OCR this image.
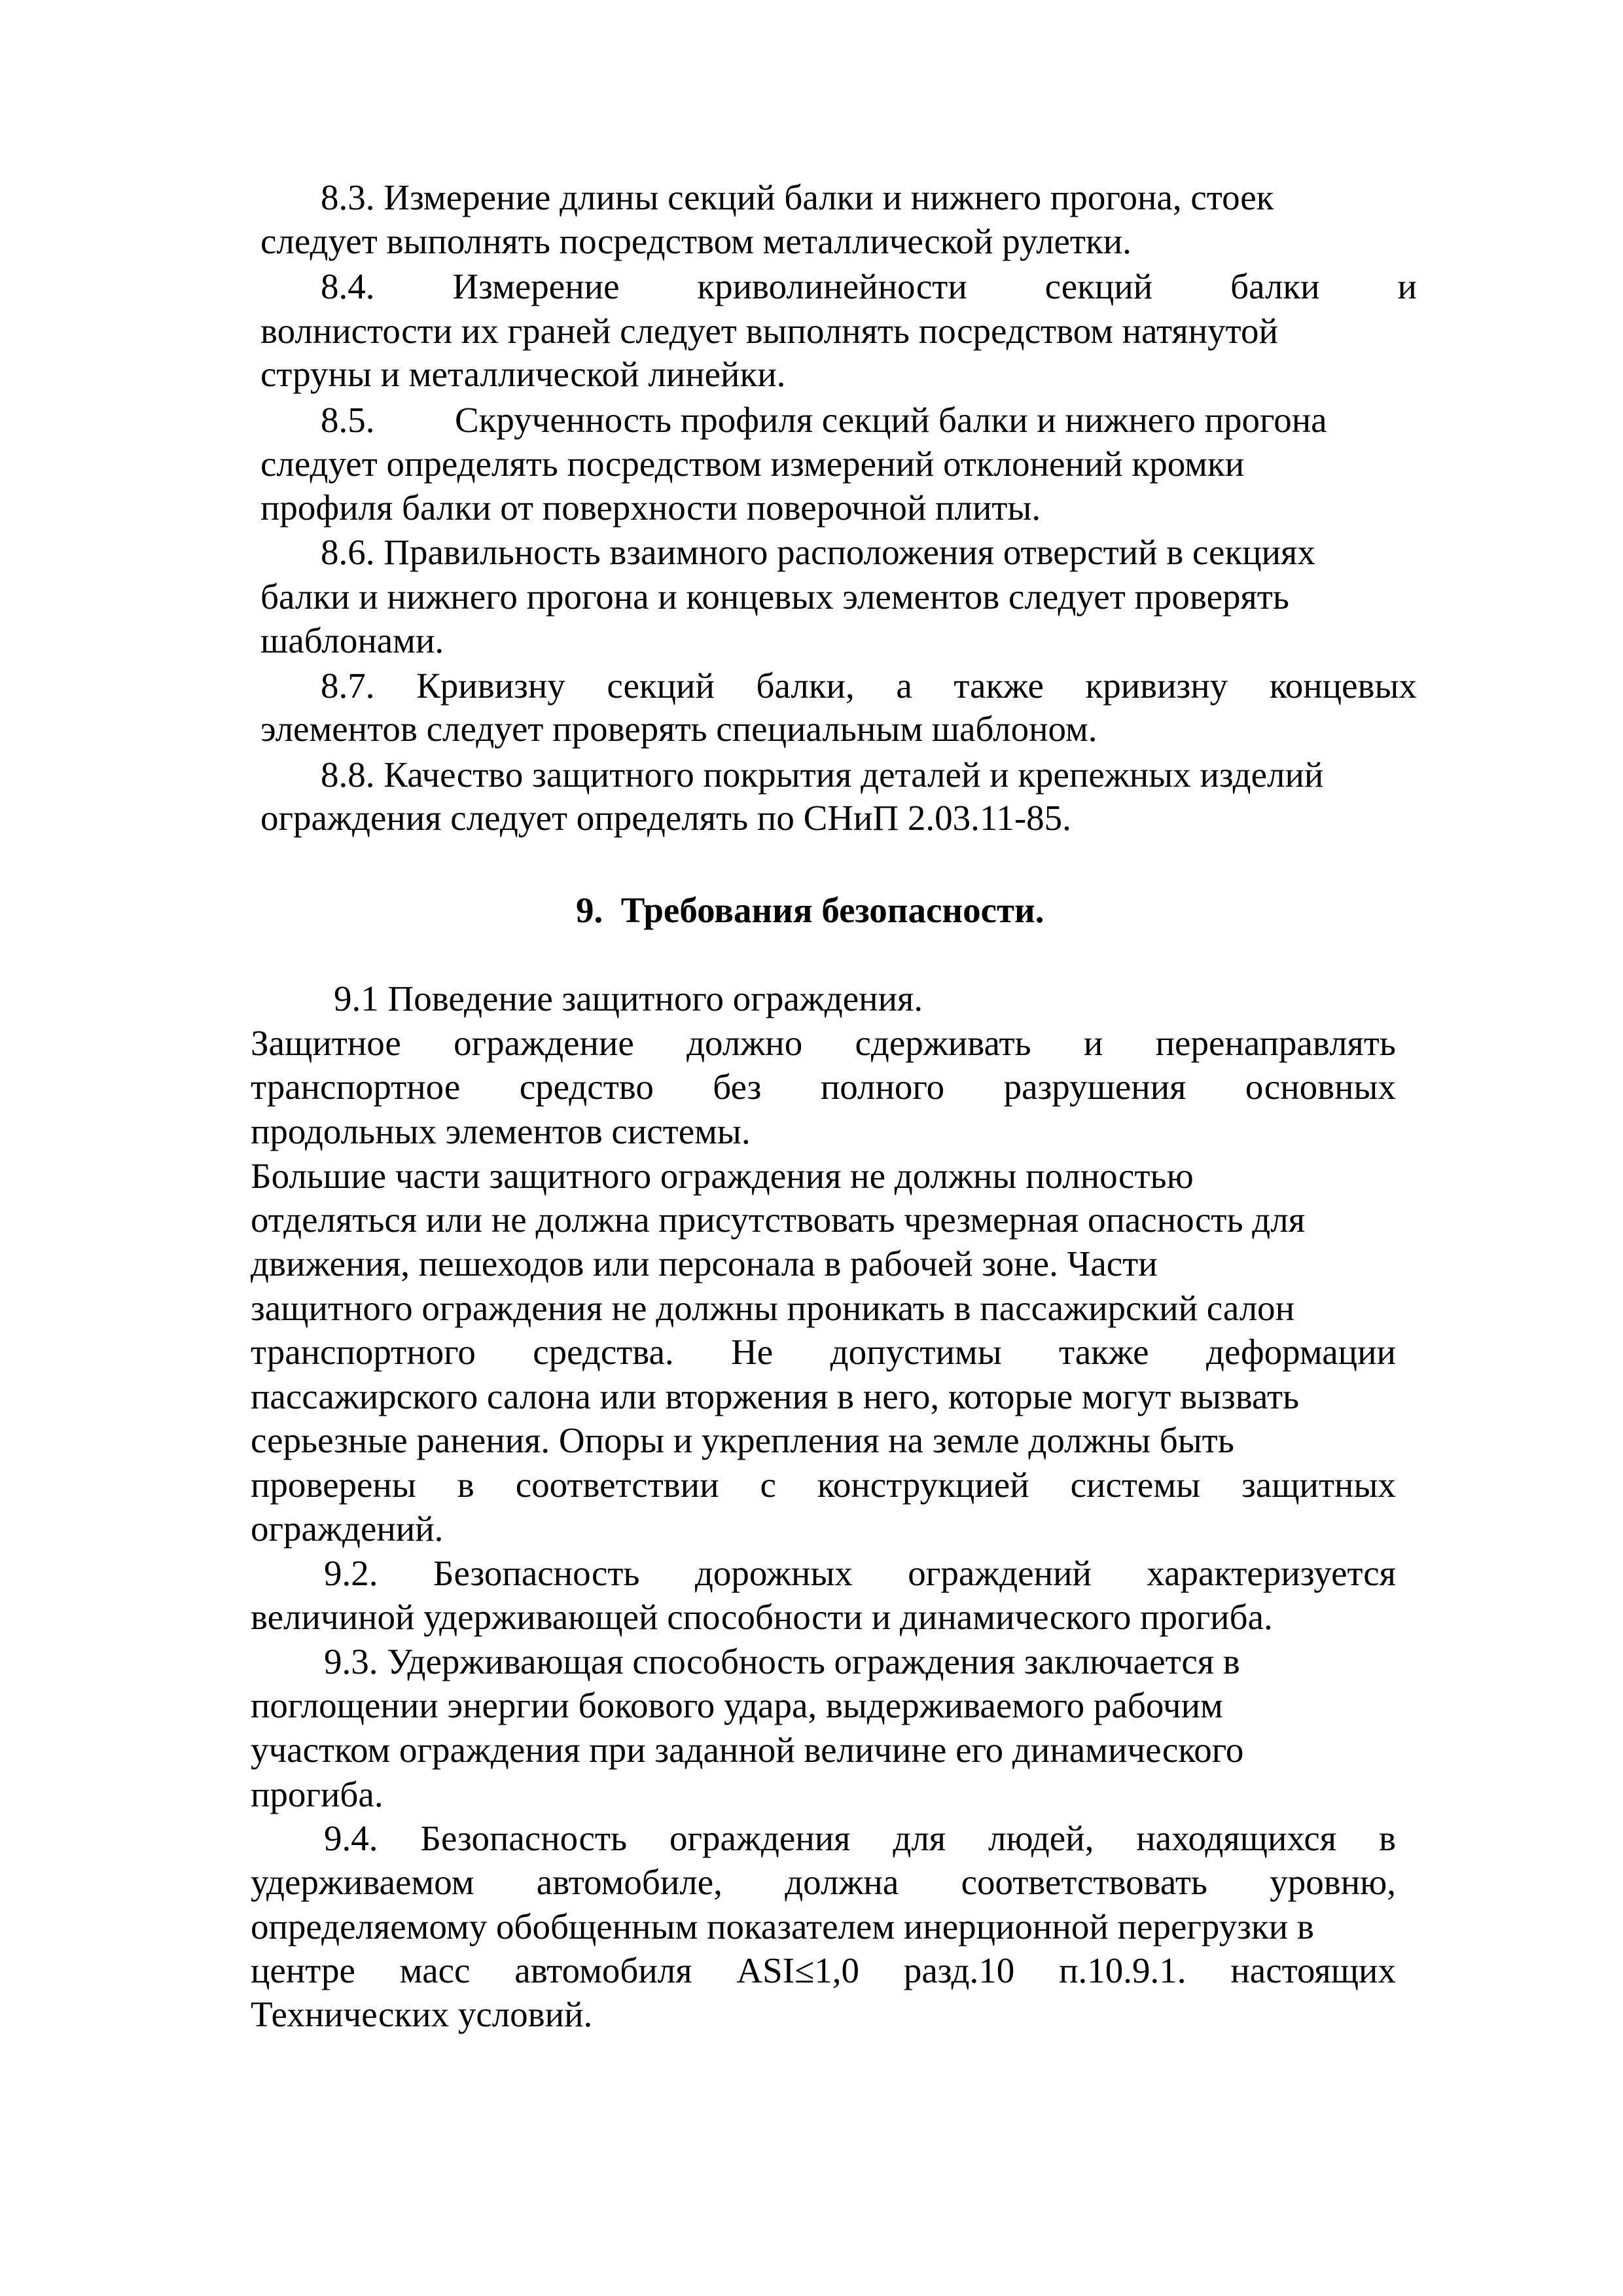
8.3. Измерение длины секций балки и нижнего прогона, стоек
следует выполнять посредством металлической рулетки.
8.4. Измерение криволинейности секций балки и
волнистости их граней следует выполнять посредством натянутой
струны и металлической линейки.
8.5. Скрученность профиля секций балки и нижнего прогона
следует определять посредством измерений отклонений кромки
профиля балки от поверхности поверочной плиты.
8.6. Правильность взаимного расположения отверстий в секциях
балки и нижнего прогона и концевых элементов следует проверять
шаблонами.
8.7. Кривизну секций балки, а также кривизну концевых
элементов следует проверять специальным шаблоном.
8.8. Качество защитного покрытия деталей и крепежных изделий
ограждения следует определять по СНиП 2.03.11-85.
9.  Требования безопасности.
9.1 Поведение защитного ограждения.
Защитное ограждение должно сдерживать и перенаправлять
транспортное средство без полного разрушения основных
продольных элементов системы.
Большие части защитного ограждения не должны полностью
отделяться или не должна присутствовать чрезмерная опасность для
движения, пешеходов или персонала в рабочей зоне. Части
защитного ограждения не должны проникать в пассажирский салон
транспортного средства. Не допустимы также деформации
пассажирского салона или вторжения в него, которые могут вызвать
серьезные ранения. Опоры и укрепления на земле должны быть
проверены в соответствии с конструкцией системы защитных
ограждений.
9.2. Безопасность дорожных ограждений характеризуется
величиной удерживающей способности и динамического прогиба.
9.3. Удерживающая способность ограждения заключается в
поглощении энергии бокового удара, выдерживаемого рабочим
участком ограждения при заданной величине его динамического
прогиба.
9.4. Безопасность ограждения для людей, находящихся в
удерживаемом автомобиле, должна соответствовать уровню,
определяемому обобщенным показателем инерционной перегрузки в
центре масс автомобиля ASI≤1,0 разд.10 п.10.9.1. настоящих
Технических условий.
